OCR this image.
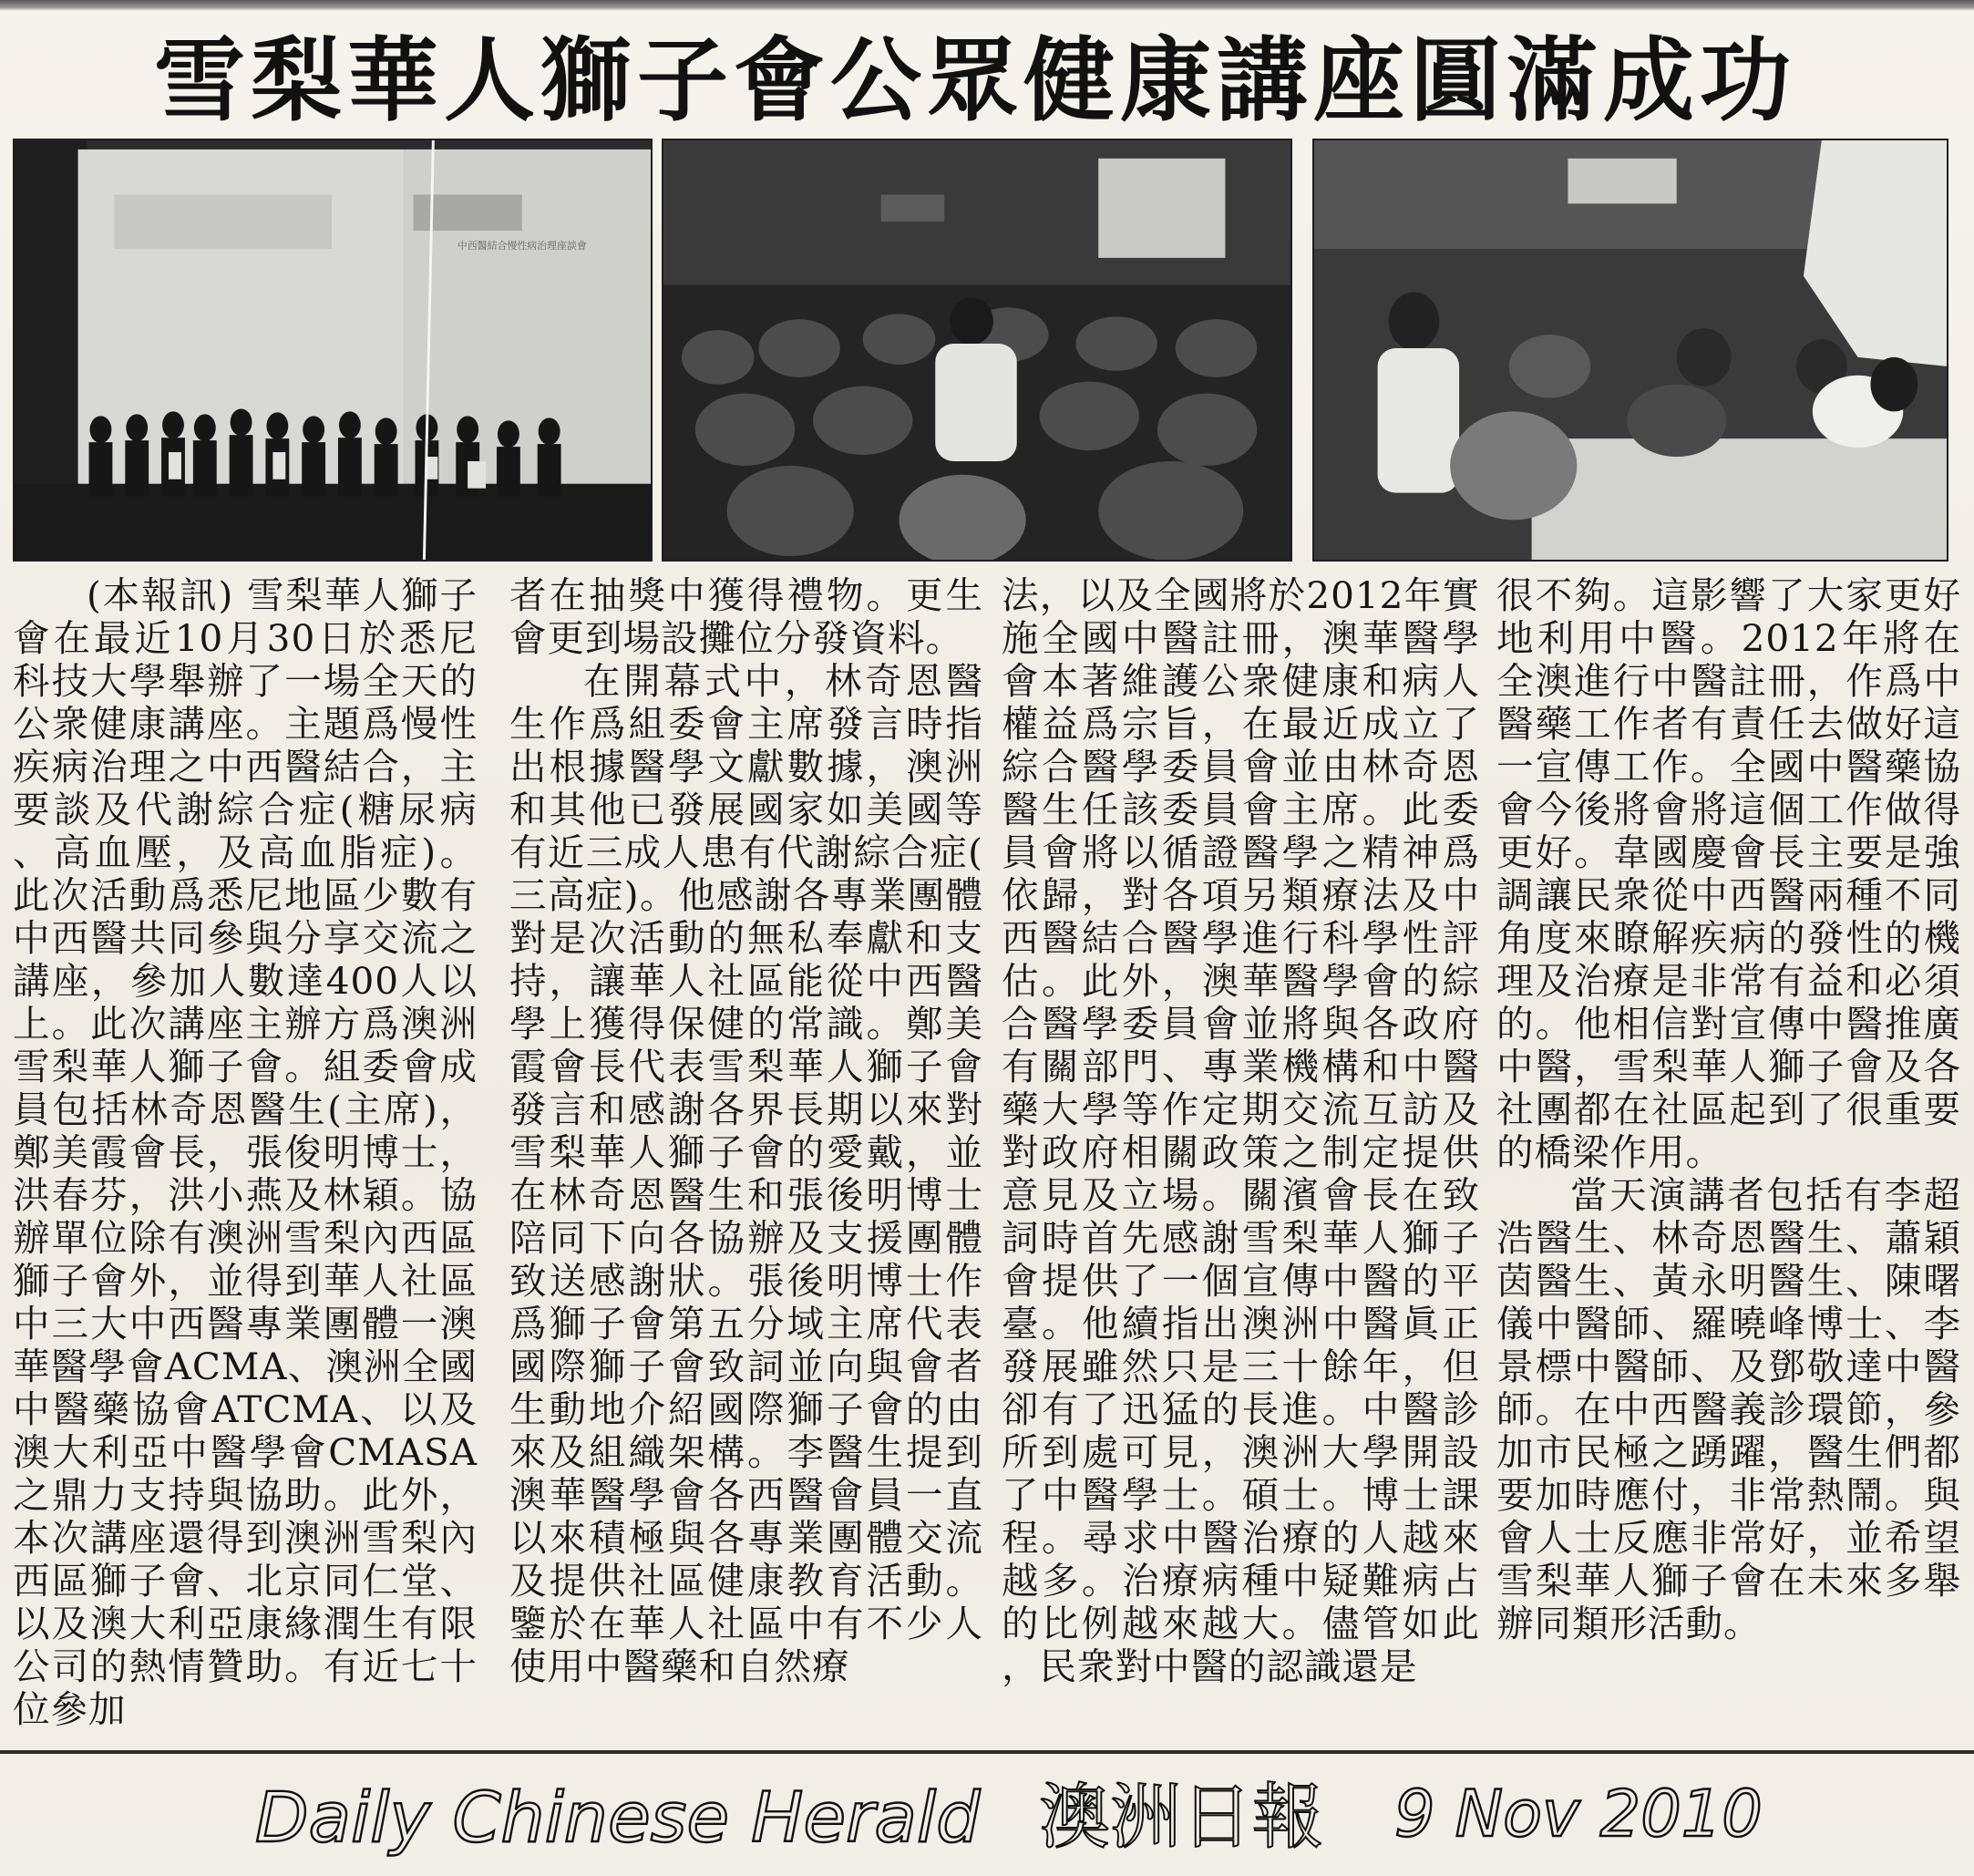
雪梨華人獅子會公眾健康講座圓滿成功
中西醫結合慢性病治理座談會

(本報訊) 雪梨華人獅子會在最近10月30日於悉尼科技大學舉辦了一場全天的公衆健康講座。主題爲慢性疾病治理之中西醫結合，主要談及代謝綜合症(糖尿病、高血壓，及高血脂症)。此次活動爲悉尼地區少數有中西醫共同參與分享交流之講座，參加人數達400人以上。此次講座主辦方爲澳洲雪梨華人獅子會。組委會成員包括林奇恩醫生(主席)，鄭美霞會長，張俊明博士，洪春芬，洪小燕及林穎。協辦單位除有澳洲雪梨內西區獅子會外，並得到華人社區中三大中西醫專業團體一澳華醫學會ACMA、澳洲全國中醫藥協會ATCMA、以及澳大利亞中醫學會CMASA之鼎力支持與協助。此外，本次講座還得到澳洲雪梨內西區獅子會、北京同仁堂、以及澳大利亞康緣潤生有限公司的熱情贊助。有近七十位參加

者在抽獎中獲得禮物。更生會更到場設攤位分發資料。

在開幕式中，林奇恩醫生作爲組委會主席發言時指出根據醫學文獻數據，澳洲和其他已發展國家如美國等有近三成人患有代謝綜合症(三高症)。他感謝各專業團體對是次活動的無私奉獻和支持，讓華人社區能從中西醫學上獲得保健的常識。鄭美霞會長代表雪梨華人獅子會發言和感謝各界長期以來對雪梨華人獅子會的愛戴，並在林奇恩醫生和張後明博士陪同下向各協辦及支援團體致送感謝狀。張後明博士作爲獅子會第五分域主席代表國際獅子會致詞並向與會者生動地介紹國際獅子會的由來及組織架構。李醫生提到澳華醫學會各西醫會員一直以來積極與各專業團體交流及提供社區健康教育活動。鑒於在華人社區中有不少人使用中醫藥和自然療

法，以及全國將於2012年實施全國中醫註冊，澳華醫學會本著維護公衆健康和病人權益爲宗旨，在最近成立了綜合醫學委員會並由林奇恩醫生任該委員會主席。此委員會將以循證醫學之精神爲依歸，對各項另類療法及中西醫結合醫學進行科學性評估。此外，澳華醫學會的綜合醫學委員會並將與各政府有關部門、專業機構和中醫藥大學等作定期交流互訪及對政府相關政策之制定提供意見及立場。關濱會長在致詞時首先感謝雪梨華人獅子會提供了一個宣傳中醫的平臺。他續指出澳洲中醫眞正發展雖然只是三十餘年，但卻有了迅猛的長進。中醫診所到處可見，澳洲大學開設了中醫學士。碩士。博士課程。尋求中醫治療的人越來越多。治療病種中疑難病占的比例越來越大。儘管如此，民衆對中醫的認識還是

很不夠。這影響了大家更好地利用中醫。2012年將在全澳進行中醫註冊，作爲中醫藥工作者有責任去做好這一宣傳工作。全國中醫藥協會今後將會將這個工作做得更好。韋國慶會長主要是強調讓民衆從中西醫兩種不同角度來瞭解疾病的發性的機理及治療是非常有益和必須的。他相信對宣傳中醫推廣中醫，雪梨華人獅子會及各社團都在社區起到了很重要的橋梁作用。

當天演講者包括有李超浩醫生、林奇恩醫生、蕭穎茵醫生、黃永明醫生、陳曙儀中醫師、羅曉峰博士、李景標中醫師、及鄧敬達中醫師。在中西醫義診環節，參加市民極之踴躍，醫生們都要加時應付，非常熱鬧。與會人士反應非常好，並希望雪梨華人獅子會在未來多舉辦同類形活動。

Daily Chinese Herald 澳洲日報 9 Nov 2010
